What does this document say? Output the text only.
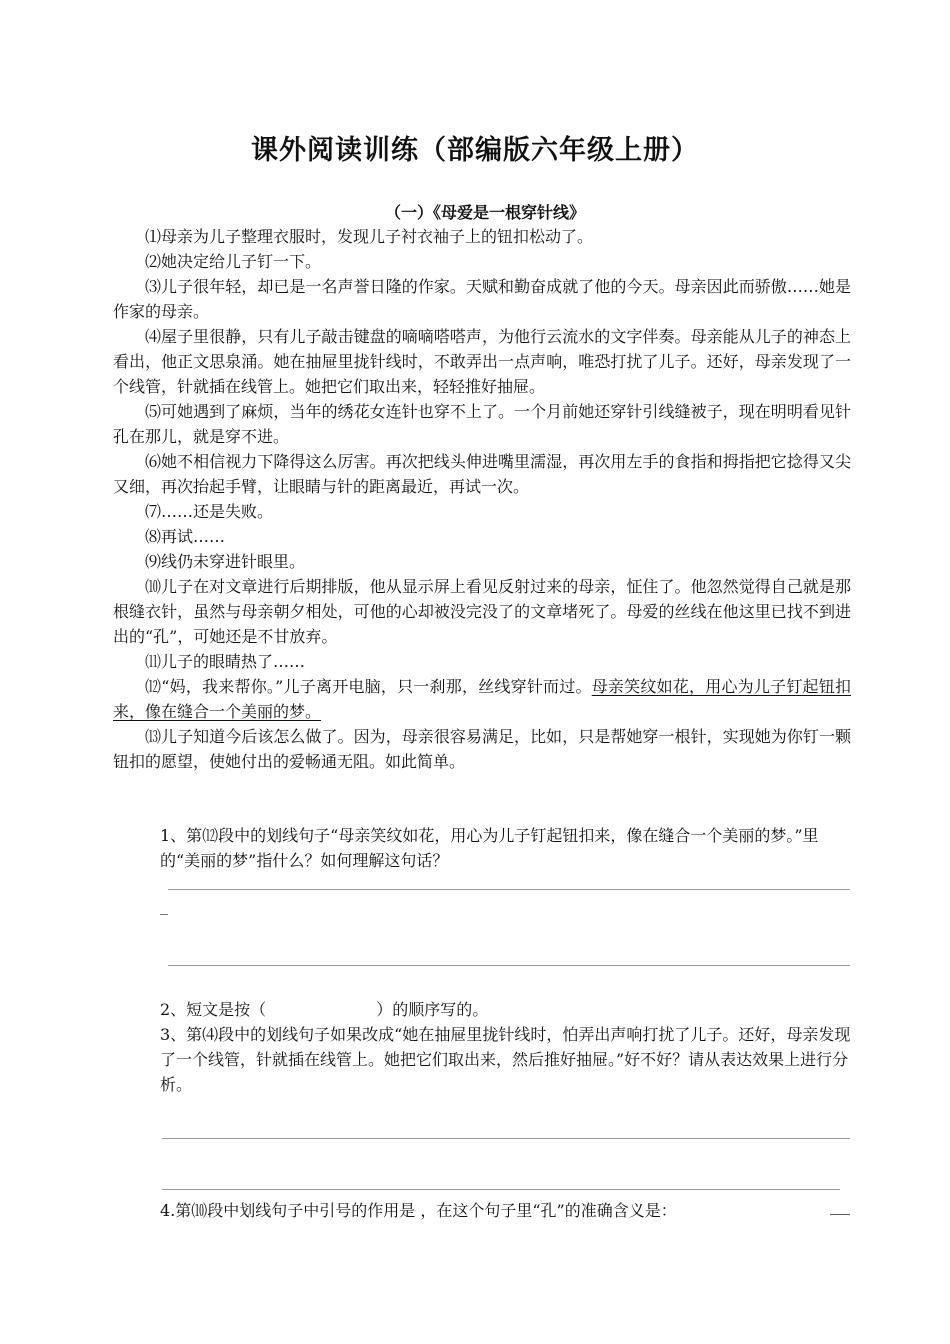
课外阅读训练（部编版六年级上册）
（一）《母爱是一根穿针线》

⑴母亲为儿子整理衣服时，发现儿子衬衣袖子上的钮扣松动了。

⑵她决定给儿子钉一下。

⑶儿子很年轻，却已是一名声誉日隆的作家。天赋和勤奋成就了他的今天。母亲因此而骄傲……她是作家的母亲。

⑷屋子里很静，只有儿子敲击键盘的嘀嘀嗒嗒声，为他行云流水的文字伴奏。母亲能从儿子的神态上看出，他正文思泉涌。她在抽屉里拢针线时，不敢弄出一点声响，唯恐打扰了儿子。还好，母亲发现了一个线管，针就插在线管上。她把它们取出来，轻轻推好抽屉。

⑸可她遇到了麻烦，当年的绣花女连针也穿不上了。一个月前她还穿针引线缝被子，现在明明看见针孔在那儿，就是穿不进。

⑹她不相信视力下降得这么厉害。再次把线头伸进嘴里濡湿，再次用左手的食指和拇指把它捻得又尖又细，再次抬起手臂，让眼睛与针的距离最近，再试一次。

⑺……还是失败。

⑻再试……

⑼线仍未穿进针眼里。

⑽儿子在对文章进行后期排版，他从显示屏上看见反射过来的母亲，怔住了。他忽然觉得自己就是那根缝衣针，虽然与母亲朝夕相处，可他的心却被没完没了的文章堵死了。母爱的丝线在他这里已找不到进出的“孔”，可她还是不甘放弃。

⑾儿子的眼睛热了……

⑿“妈，我来帮你。”儿子离开电脑，只一刹那，丝线穿针而过。母亲笑纹如花，用心为儿子钉起钮扣来，像在缝合一个美丽的梦。

⒀儿子知道今后该怎么做了。因为，母亲很容易满足，比如，只是帮她穿一根针，实现她为你钉一颗钮扣的愿望，使她付出的爱畅通无阻。如此简单。

1、第⑿段中的划线句子“母亲笑纹如花，用心为儿子钉起钮扣来，像在缝合一个美丽的梦。”里的“美丽的梦”指什么？如何理解这句话？

2、短文是按（	）的顺序写的。

3、第⑷段中的划线句子如果改成“她在抽屉里拢针线时，怕弄出声响打扰了儿子。还好，母亲发现了一个线管，针就插在线管上。她把它们取出来，然后推好抽屉。”好不好？请从表达效果上进行分析。

4.第⑽段中划线句子中引号的作用是 ，在这个句子里“孔”的准确含义是：
